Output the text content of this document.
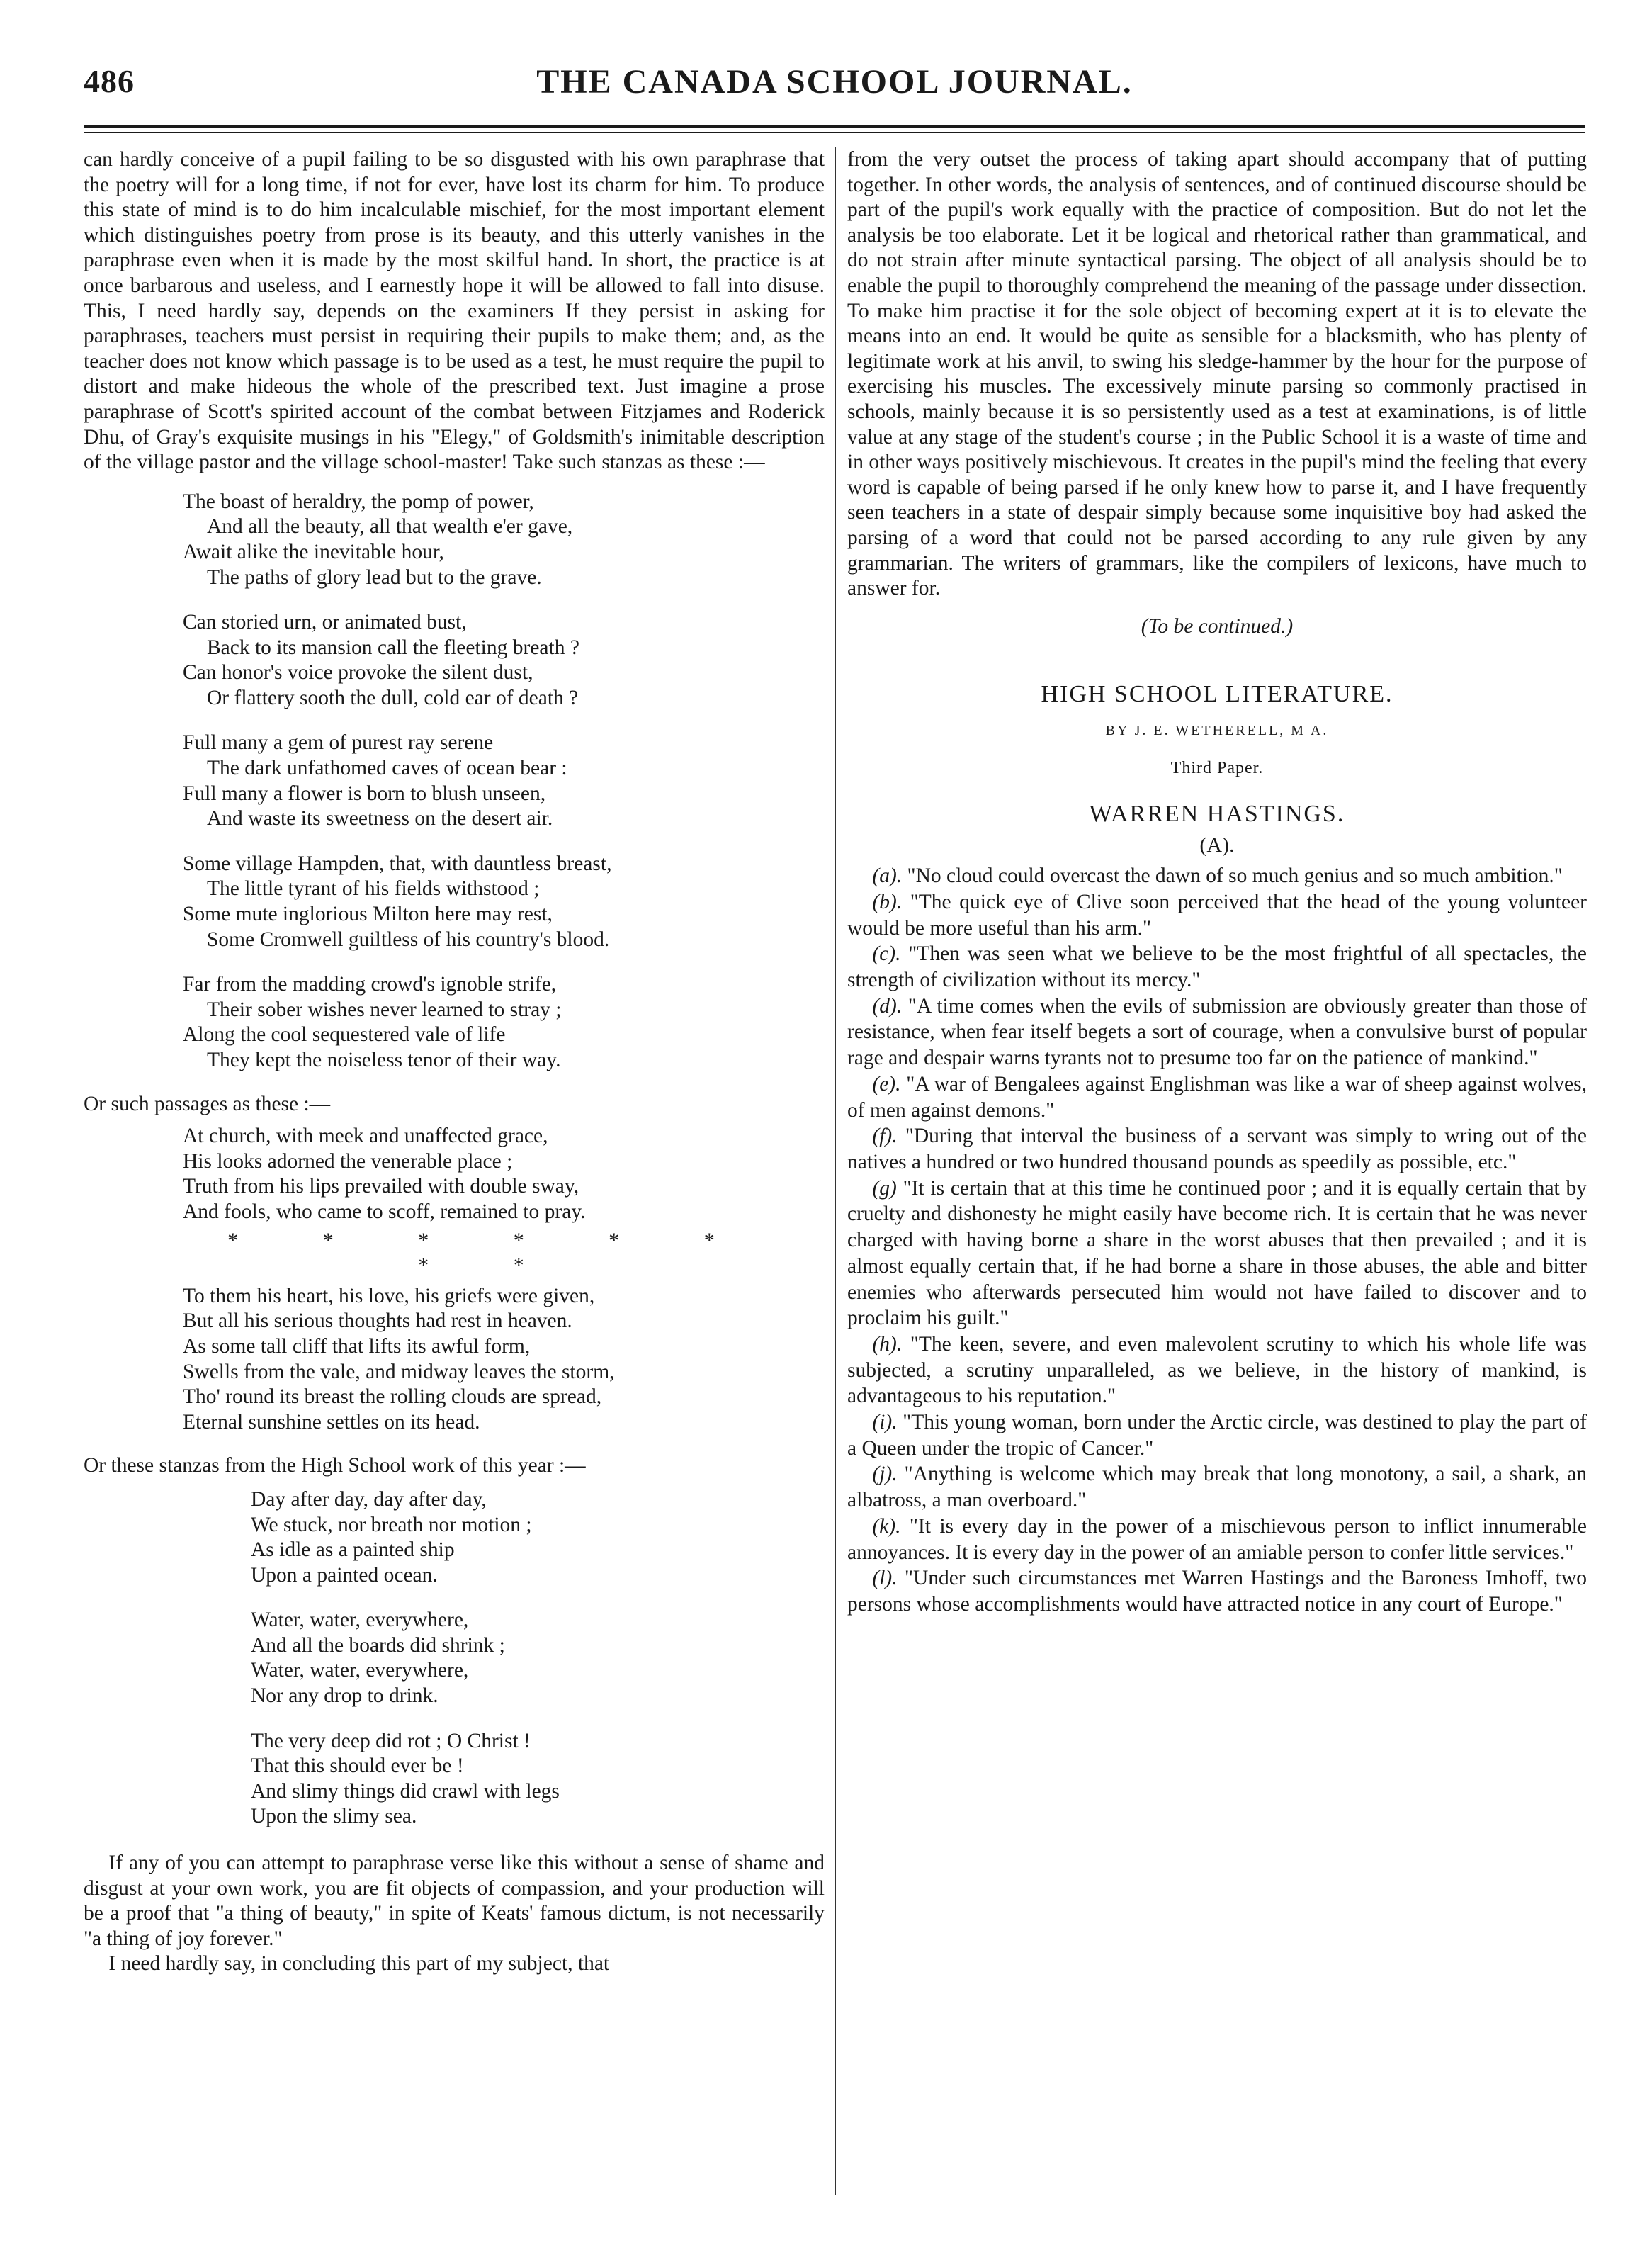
486	THE CANADA SCHOOL JOURNAL.

can hardly conceive of a pupil failing to be so disgusted with his own paraphrase that the poetry will for a long time, if not for ever, have lost its charm for him. To produce this state of mind is to do him incalculable mischief, for the most important element which distinguishes poetry from prose is its beauty, and this utterly vanishes in the paraphrase even when it is made by the most skilful hand. In short, the practice is at once barbarous and useless, and I earnestly hope it will be allowed to fall into disuse. This, I need hardly say, depends on the examiners If they persist in asking for paraphrases, teachers must persist in requiring their pupils to make them; and, as the teacher does not know which passage is to be used as a test, he must require the pupil to distort and make hideous the whole of the prescribed text. Just imagine a prose paraphrase of Scott's spirited account of the combat between Fitzjames and Roderick Dhu, of Gray's exquisite musings in his "Elegy," of Goldsmith's inimitable description of the village pastor and the village school-master! Take such stanzas as these :—

The boast of heraldry, the pomp of power,
And all the beauty, all that wealth e'er gave,
Await alike the inevitable hour,
The paths of glory lead but to the grave.
Can storied urn, or animated bust,
Back to its mansion call the fleeting breath ?
Can honor's voice provoke the silent dust,
Or flattery sooth the dull, cold ear of death ?
Full many a gem of purest ray serene
The dark unfathomed caves of ocean bear :
Full many a flower is born to blush unseen,
And waste its sweetness on the desert air.
Some village Hampden, that, with dauntless breast,
The little tyrant of his fields withstood ;
Some mute inglorious Milton here may rest,
Some Cromwell guiltless of his country's blood.
Far from the madding crowd's ignoble strife,
Their sober wishes never learned to stray ;
Along the cool sequestered vale of life
They kept the noiseless tenor of their way.

Or such passages as these :—

At church, with meek and unaffected grace,
His looks adorned the venerable place ;
Truth from his lips prevailed with double sway,
And fools, who came to scoff, remained to pray.
* * * * * * * *
To them his heart, his love, his griefs were given,
But all his serious thoughts had rest in heaven.
As some tall cliff that lifts its awful form,
Swells from the vale, and midway leaves the storm,
Tho' round its breast the rolling clouds are spread,
Eternal sunshine settles on its head.

Or these stanzas from the High School work of this year :—

Day after day, day after day,
We stuck, nor breath nor motion ;
As idle as a painted ship
Upon a painted ocean.
Water, water, everywhere,
And all the boards did shrink ;
Water, water, everywhere,
Nor any drop to drink.
The very deep did rot ; O Christ !
That this should ever be !
And slimy things did crawl with legs
Upon the slimy sea.

If any of you can attempt to paraphrase verse like this without a sense of shame and disgust at your own work, you are fit objects of compassion, and your production will be a proof that "a thing of beauty," in spite of Keats' famous dictum, is not necessarily "a thing of joy forever."

I need hardly say, in concluding this part of my subject, that

from the very outset the process of taking apart should accompany that of putting together. In other words, the analysis of sentences, and of continued discourse should be part of the pupil's work equally with the practice of composition. But do not let the analysis be too elaborate. Let it be logical and rhetorical rather than grammatical, and do not strain after minute syntactical parsing. The object of all analysis should be to enable the pupil to thoroughly comprehend the meaning of the passage under dissection. To make him practise it for the sole object of becoming expert at it is to elevate the means into an end. It would be quite as sensible for a blacksmith, who has plenty of legitimate work at his anvil, to swing his sledge-hammer by the hour for the purpose of exercising his muscles. The excessively minute parsing so commonly practised in schools, mainly because it is so persistently used as a test at examinations, is of little value at any stage of the student's course ; in the Public School it is a waste of time and in other ways positively mischievous. It creates in the pupil's mind the feeling that every word is capable of being parsed if he only knew how to parse it, and I have frequently seen teachers in a state of despair simply because some inquisitive boy had asked the parsing of a word that could not be parsed according to any rule given by any grammarian. The writers of grammars, like the compilers of lexicons, have much to answer for.

(To be continued.)
HIGH SCHOOL LITERATURE.
BY J. E. WETHERELL, M A.
Third Paper.
WARREN HASTINGS.
(A).

(a). "No cloud could overcast the dawn of so much genius and so much ambition."

(b). "The quick eye of Clive soon perceived that the head of the young volunteer would be more useful than his arm."

(c). "Then was seen what we believe to be the most frightful of all spectacles, the strength of civilization without its mercy."

(d). "A time comes when the evils of submission are obviously greater than those of resistance, when fear itself begets a sort of courage, when a convulsive burst of popular rage and despair warns tyrants not to presume too far on the patience of mankind."

(e). "A war of Bengalees against Englishman was like a war of sheep against wolves, of men against demons."

(f). "During that interval the business of a servant was simply to wring out of the natives a hundred or two hundred thousand pounds as speedily as possible, etc."

(g) "It is certain that at this time he continued poor ; and it is equally certain that by cruelty and dishonesty he might easily have become rich. It is certain that he was never charged with having borne a share in the worst abuses that then prevailed ; and it is almost equally certain that, if he had borne a share in those abuses, the able and bitter enemies who afterwards persecuted him would not have failed to discover and to proclaim his guilt."

(h). "The keen, severe, and even malevolent scrutiny to which his whole life was subjected, a scrutiny unparalleled, as we believe, in the history of mankind, is advantageous to his reputation."

(i). "This young woman, born under the Arctic circle, was destined to play the part of a Queen under the tropic of Cancer."

(j). "Anything is welcome which may break that long monotony, a sail, a shark, an albatross, a man overboard."

(k). "It is every day in the power of a mischievous person to inflict innumerable annoyances. It is every day in the power of an amiable person to confer little services."

(l). "Under such circumstances met Warren Hastings and the Baroness Imhoff, two persons whose accomplishments would have attracted notice in any court of Europe."
